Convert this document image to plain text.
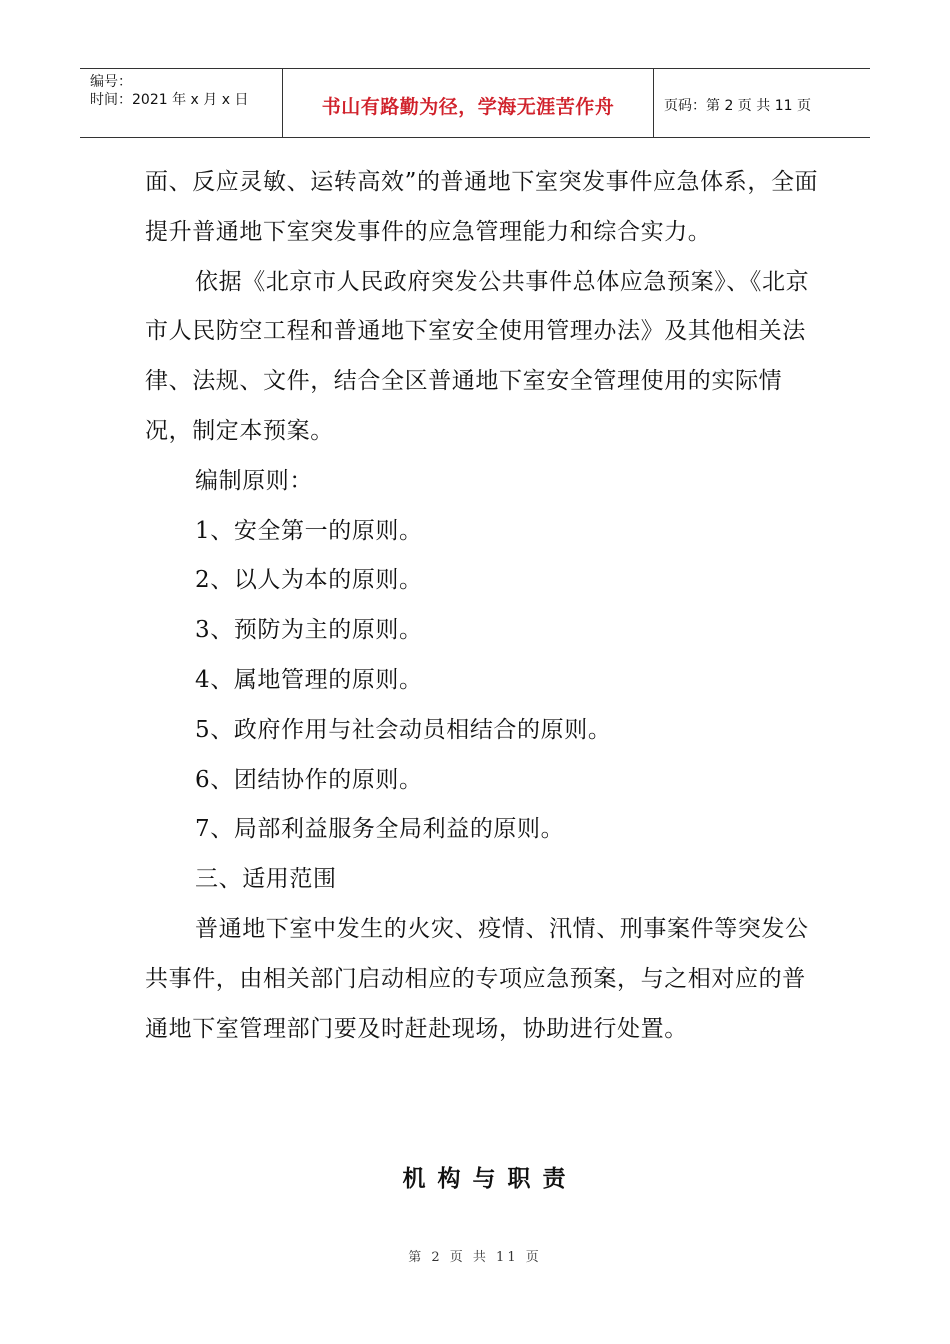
编号：
时间：2021 年 x 月 x 日	书山有路勤为径，学海无涯苦作舟	页码：第 2 页 共 11 页

面、反应灵敏、运转高效”的普通地下室突发事件应急体系，全面提升普通地下室突发事件的应急管理能力和综合实力。

依据《北京市人民政府突发公共事件总体应急预案》、《北京市人民防空工程和普通地下室安全使用管理办法》及其他相关法律、法规、文件，结合全区普通地下室安全管理使用的实际情况，制定本预案。

编制原则：

1、安全第一的原则。

2、以人为本的原则。

3、预防为主的原则。

4、属地管理的原则。

5、政府作用与社会动员相结合的原则。

6、团结协作的原则。

7、局部利益服务全局利益的原则。

三、适用范围

普通地下室中发生的火灾、疫情、汛情、刑事案件等突发公共事件，由相关部门启动相应的专项应急预案，与之相对应的普通地下室管理部门要及时赶赴现场，协助进行处置。

机构与职责
第 2 页 共 11 页
